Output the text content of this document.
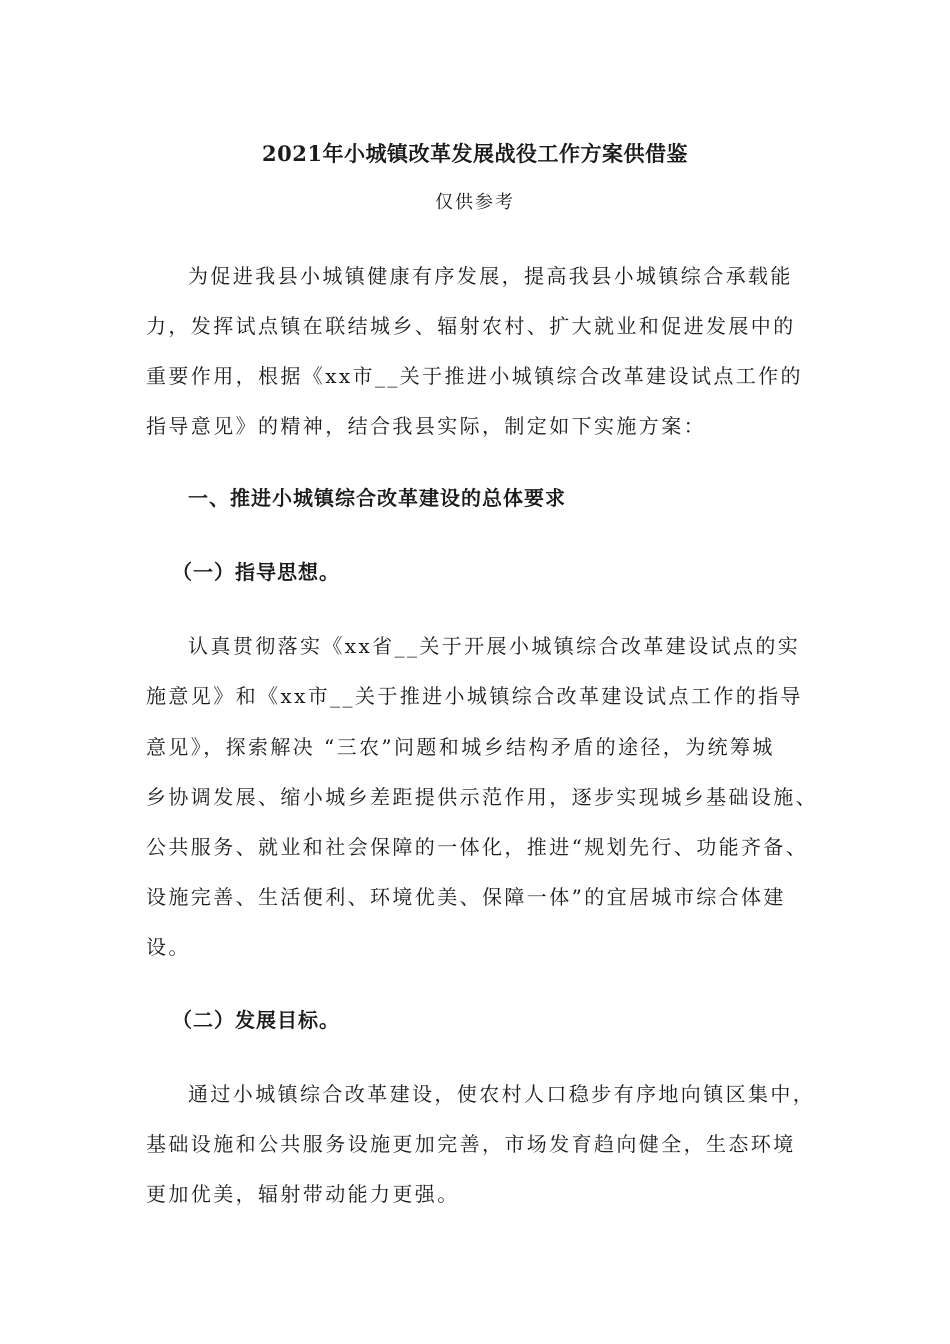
2021年小城镇改革发展战役工作方案供借鉴
仅供参考
为促进我县小城镇健康有序发展，提高我县小城镇综合承载能
力，发挥试点镇在联结城乡、辐射农村、扩大就业和促进发展中的
重要作用，根据《xx市__关于推进小城镇综合改革建设试点工作的
指导意见》的精神，结合我县实际，制定如下实施方案：
一、推进小城镇综合改革建设的总体要求
（一）指导思想。
认真贯彻落实《xx省__关于开展小城镇综合改革建设试点的实
施意见》和《xx市__关于推进小城镇综合改革建设试点工作的指导
意见》，探索解决 “三农”问题和城乡结构矛盾的途径，为统筹城
乡协调发展、缩小城乡差距提供示范作用，逐步实现城乡基础设施、
公共服务、就业和社会保障的一体化，推进“规划先行、功能齐备、
设施完善、生活便利、环境优美、保障一体”的宜居城市综合体建
设。
（二）发展目标。
通过小城镇综合改革建设，使农村人口稳步有序地向镇区集中，
基础设施和公共服务设施更加完善，市场发育趋向健全，生态环境
更加优美，辐射带动能力更强。
